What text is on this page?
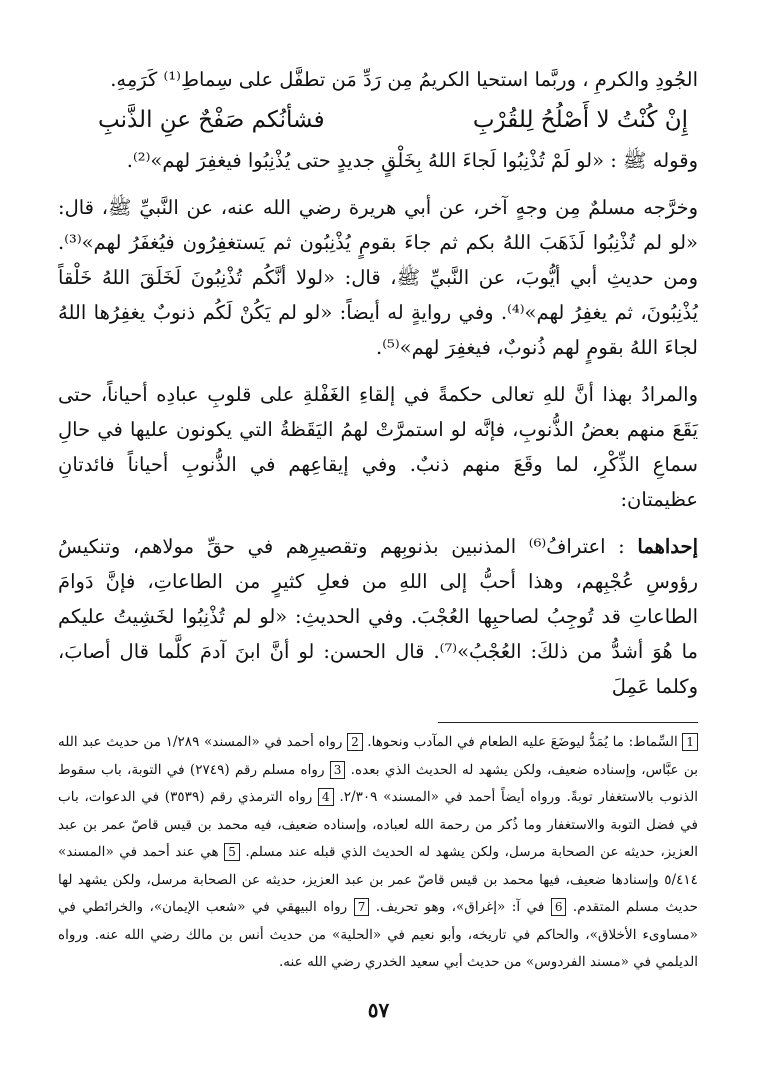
الجُودِ والكرمِ ، وربَّما استحيا الكريمُ مِن رَدِّ مَن تطفَّل على سِماطِ⁽¹⁾ كَرَمِهِ.

إِنْ كُنْتُ لا أَصْلُحُ لِلقُرْبِ
فشأنُكم صَفْحٌ عنِ الذَّنبِ

وقوله ﷺ : «لو لَمْ تُذْنِبُوا لَجاءَ اللهُ بِخَلْقٍ جديدٍ حتى يُذْنِبُوا فيغفِرَ لهم»⁽²⁾.

وخرَّجه مسلمٌ مِن وجهٍ آخر، عن أبي هريرة رضي الله عنه، عن النَّبيِّ ﷺ، قال: «لو لم تُذْنِبُوا لَذَهَبَ اللهُ بكم ثم جاءَ بقومٍ يُذْنِبُون ثم يَستغفِرُون فيُغفَرُ لهم»⁽³⁾. ومن حديثِ أبي أيُّوبَ، عن النَّبيِّ ﷺ، قال: «لولا أنَّكُم تُذْنِبُونَ لَخَلَقَ اللهُ خَلْقاً يُذْنِبُونَ، ثم يغفِرُ لهم»⁽⁴⁾. وفي روايةٍ له أيضاً: «لو لم يَكُنْ لَكُم ذنوبٌ يغفِرُها اللهُ لجاءَ اللهُ بقومٍ لهم ذُنوبٌ، فيغفِرَ لهم»⁽⁵⁾.

والمرادُ بهذا أنَّ للهِ تعالى حكمةً في إلقاءِ الغَفْلةِ على قلوبِ عبادِه أحياناً، حتى يَقَعَ منهم بعضُ الذُّنوبِ، فإنَّه لو استمرَّتْ لهمُ اليَقَظةُ التي يكونون عليها في حالِ سماعِ الذِّكْرِ، لما وقَعَ منهم ذنبٌ. وفي إيقاعِهم في الذُّنوبِ أحياناً فائدتانِ عظيمتان:

إحداهما : اعترافُ⁽⁶⁾ المذنبين بذنوبِهم وتقصيرِهم في حقِّ مولاهم، وتنكيسُ رؤوسِ عُجْبِهم، وهذا أحبُّ إلى اللهِ من فعلِ كثيرٍ من الطاعاتِ، فإنَّ دَوامَ الطاعاتِ قد تُوجِبُ لصاحبِها العُجْبَ. وفي الحديثِ: «لو لم تُذْنِبُوا لخَشِيتُ عليكم ما هُوَ أشدُّ من ذلكَ: العُجْبُ»⁽⁷⁾. قال الحسن: لو أنَّ ابنَ آدمَ كلَّما قال أصابَ، وكلما عَمِلَ

1 السِّماط: ما يُمَدُّ ليوضَعَ عليه الطعام في المآدب ونحوها. 2 رواه أحمد في «المسند» ١/٢٨٩ من حديث عبد الله بن عبَّاس، وإسناده ضعيف، ولكن يشهد له الحديث الذي بعده. 3 رواه مسلم رقم (٢٧٤٩) في التوبة، باب سقوط الذنوب بالاستغفار توبةً. ورواه أيضاً أحمد في «المسند» ٢/٣٠٩. 4 رواه الترمذي رقم (٣٥٣٩) في الدعوات، باب في فضل التوبة والاستغفار وما ذُكر من رحمة الله لعباده، وإسناده ضعيف، فيه محمد بن قيس قاصّ عمر بن عبد العزيز، حديثه عن الصحابة مرسل، ولكن يشهد له الحديث الذي قبله عند مسلم. 5 هي عند أحمد في «المسند» ٥/٤١٤ وإسنادها ضعيف، فيها محمد بن قيس قاصّ عمر بن عبد العزيز، حديثه عن الصحابة مرسل، ولكن يشهد لها حديث مسلم المتقدم. 6 في آ: «إغراق»، وهو تحريف. 7 رواه البيهقي في «شعب الإيمان»، والخرائطي في «مساوىء الأخلاق»، والحاكم في تاريخه، وأبو نعيم في «الحلية» من حديث أنس بن مالك رضي الله عنه. ورواه الديلمي في «مسند الفردوس» من حديث أبي سعيد الخدري رضي الله عنه.
٥٧
